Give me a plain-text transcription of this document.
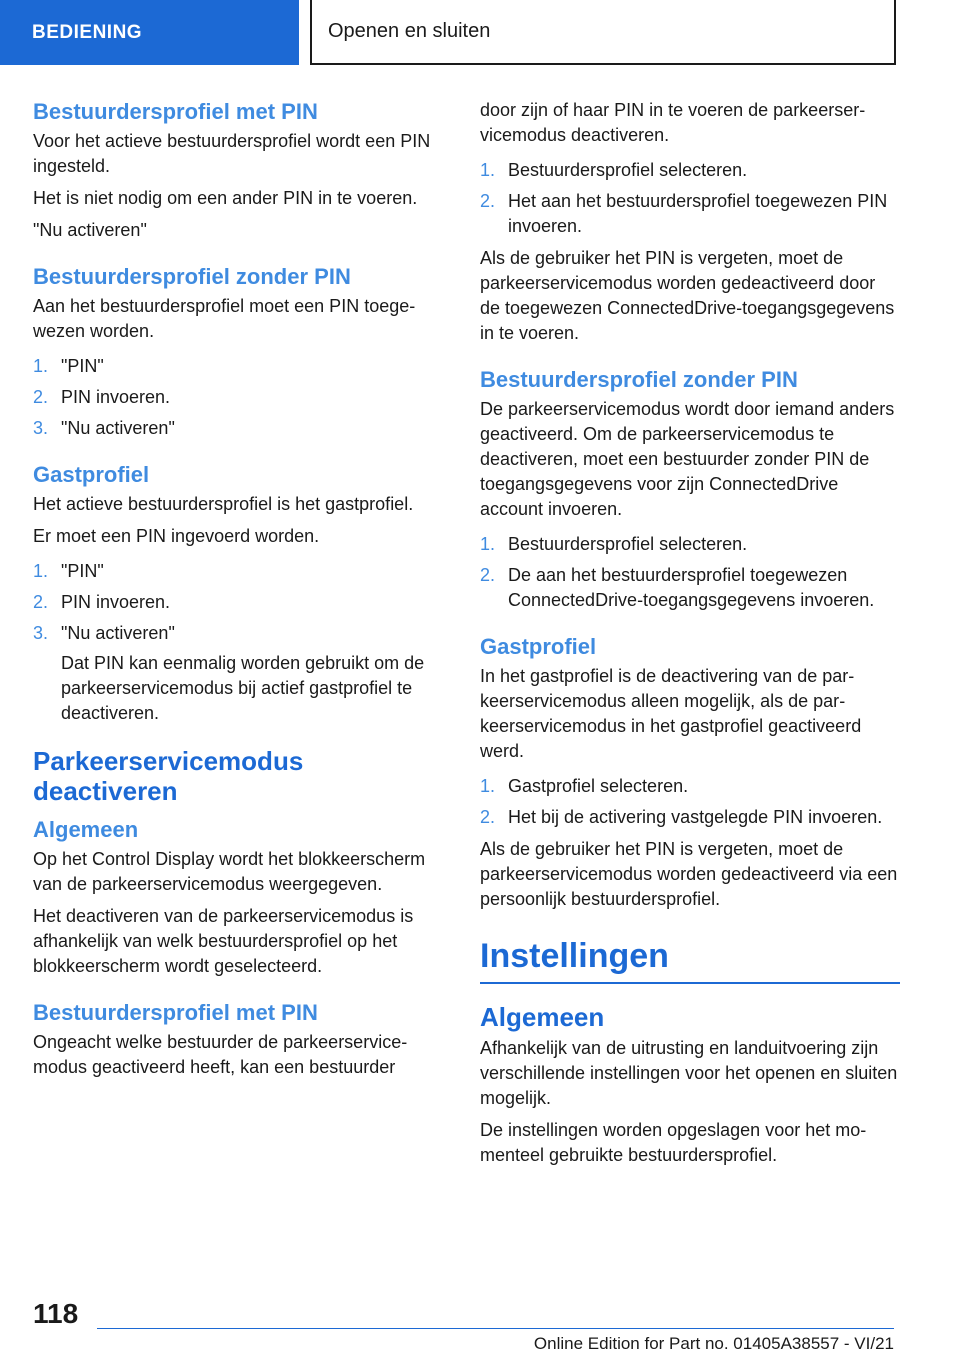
BEDIENING	Openen en sluiten
Bestuurdersprofiel met PIN

Voor het actieve bestuurdersprofiel wordt een PIN ingesteld.

Het is niet nodig om een ander PIN in te voeren.

"Nu activeren"

Bestuurdersprofiel zonder PIN

Aan het bestuurdersprofiel moet een PIN toegewezen worden.

1. "PIN"
2. PIN invoeren.
3. "Nu activeren"
Gastprofiel

Het actieve bestuurdersprofiel is het gastprofiel.

Er moet een PIN ingevoerd worden.

1. "PIN"
2. PIN invoeren.
3. "Nu activeren"
Dat PIN kan eenmalig worden gebruikt om de parkeerservicemodus bij actief gastprofiel te deactiveren.
Parkeerservicemodus deactiveren
Algemeen

Op het Control Display wordt het blokkeerscherm van de parkeerservicemodus weergegeven.

Het deactiveren van de parkeerservicemodus is afhankelijk van welk bestuurdersprofiel op het blokkeerscherm wordt geselecteerd.

Bestuurdersprofiel met PIN

Ongeacht welke bestuurder de parkeerservicemodus geactiveerd heeft, kan een bestuurder

door zijn of haar PIN in te voeren de parkeerservicemodus deactiveren.

1. Bestuurdersprofiel selecteren.
2. Het aan het bestuurdersprofiel toegewezen PIN invoeren.

Als de gebruiker het PIN is vergeten, moet de parkeerservicemodus worden gedeactiveerd door de toegewezen ConnectedDrive-toegangsgegevens in te voeren.

Bestuurdersprofiel zonder PIN

De parkeerservicemodus wordt door iemand anders geactiveerd. Om de parkeerservicemodus te deactiveren, moet een bestuurder zonder PIN de toegangsgegevens voor zijn ConnectedDrive account invoeren.

1. Bestuurdersprofiel selecteren.
2. De aan het bestuurdersprofiel toegewezen ConnectedDrive-toegangsgegevens invoeren.
Gastprofiel

In het gastprofiel is de deactivering van de parkeerservicemodus alleen mogelijk, als de parkeerservicemodus in het gastprofiel geactiveerd werd.

1. Gastprofiel selecteren.
2. Het bij de activering vastgelegde PIN invoeren.

Als de gebruiker het PIN is vergeten, moet de parkeerservicemodus worden gedeactiveerd via een persoonlijk bestuurdersprofiel.

Instellingen
Algemeen

Afhankelijk van de uitrusting en landuitvoering zijn verschillende instellingen voor het openen en sluiten mogelijk.

De instellingen worden opgeslagen voor het momenteel gebruikte bestuurdersprofiel.

118
Online Edition for Part no. 01405A38557 - VI/21
